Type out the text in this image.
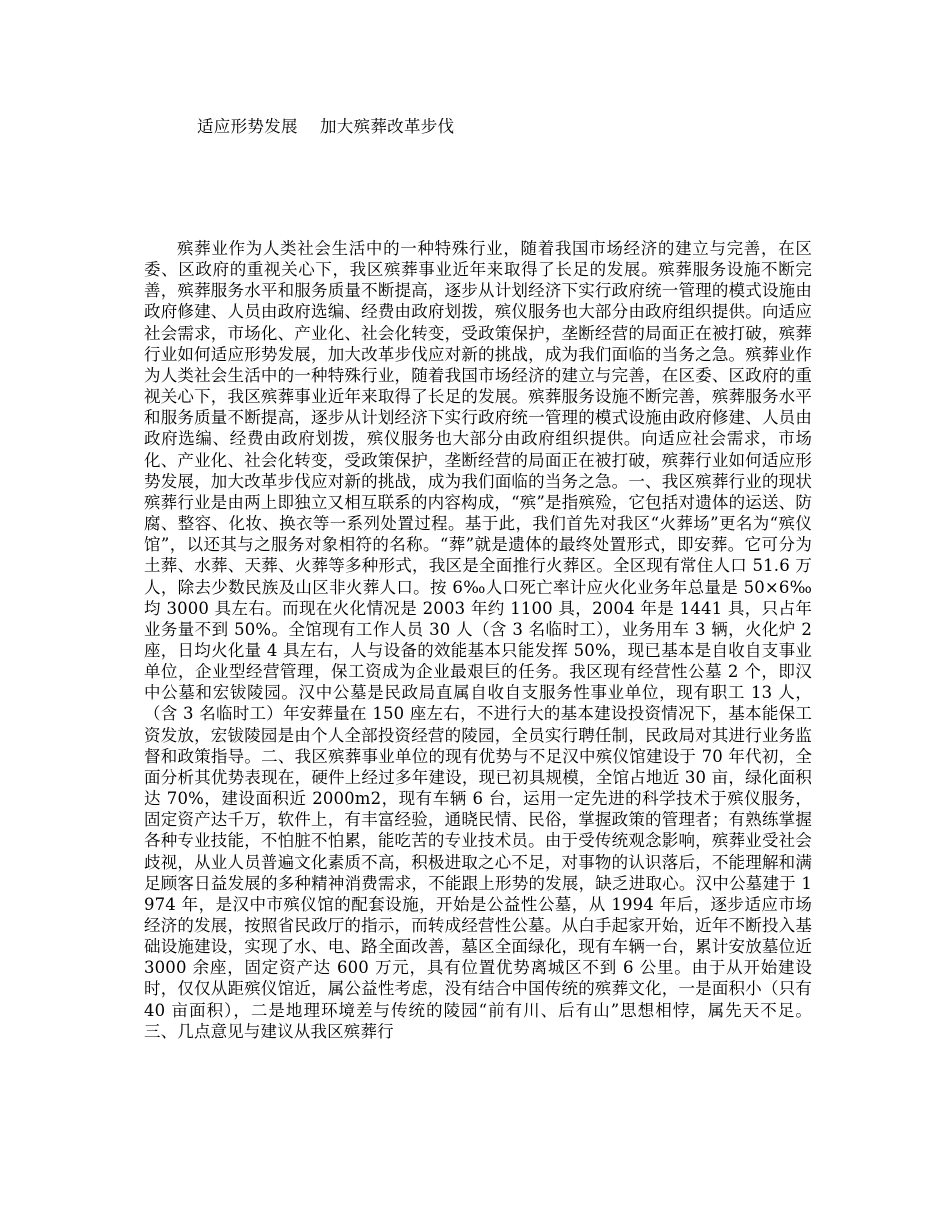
适应形势发展    加大殡葬改革步伐

殡葬业作为人类社会生活中的一种特殊行业，随着我国市场经济的建立与完善，在区委、区政府的重视关心下，我区殡葬事业近年来取得了长足的发展。殡葬服务设施不断完善，殡葬服务水平和服务质量不断提高，逐步从计划经济下实行政府统一管理的模式设施由政府修建、人员由政府选编、经费由政府划拨，殡仪服务也大部分由政府组织提供。向适应社会需求，市场化、产业化、社会化转变，受政策保护，垄断经营的局面正在被打破，殡葬行业如何适应形势发展，加大改革步伐应对新的挑战，成为我们面临的当务之急。殡葬业作为人类社会生活中的一种特殊行业，随着我国市场经济的建立与完善，在区委、区政府的重视关心下，我区殡葬事业近年来取得了长足的发展。殡葬服务设施不断完善，殡葬服务水平和服务质量不断提高，逐步从计划经济下实行政府统一管理的模式设施由政府修建、人员由政府选编、经费由政府划拨，殡仪服务也大部分由政府组织提供。向适应社会需求，市场化、产业化、社会化转变，受政策保护，垄断经营的局面正在被打破，殡葬行业如何适应形势发展，加大改革步伐应对新的挑战，成为我们面临的当务之急。一、我区殡葬行业的现状殡葬行业是由两上即独立又相互联系的内容构成，“殡”是指殡殓，它包括对遗体的运送、防腐、整容、化妆、换衣等一系列处置过程。基于此，我们首先对我区“火葬场”更名为“殡仪馆”，以还其与之服务对象相符的名称。“葬”就是遗体的最终处置形式，即安葬。它可分为土葬、水葬、天葬、火葬等多种形式，我区是全面推行火葬区。全区现有常住人口 51.6 万人，除去少数民族及山区非火葬人口。按 6‰人口死亡率计应火化业务年总量是 50×6‰均 3000 具左右。而现在火化情况是 2003 年约 1100 具，2004 年是 1441 具，只占年业务量不到 50%。全馆现有工作人员 30 人（含 3 名临时工），业务用车 3 辆，火化炉 2 座，日均火化量 4 具左右，人与设备的效能基本只能发挥 50%，现已基本是自收自支事业单位，企业型经营管理，保工资成为企业最艰巨的任务。我区现有经营性公墓 2 个，即汉中公墓和宏钹陵园。汉中公墓是民政局直属自收自支服务性事业单位，现有职工 13 人，（含 3 名临时工）年安葬量在 150 座左右，不进行大的基本建设投资情况下，基本能保工资发放，宏钹陵园是由个人全部投资经营的陵园，全员实行聘任制，民政局对其进行业务监督和政策指导。二、我区殡葬事业单位的现有优势与不足汉中殡仪馆建设于 70 年代初，全面分析其优势表现在，硬件上经过多年建设，现已初具规模，全馆占地近 30 亩，绿化面积达 70%，建设面积近 2000m2，现有车辆 6 台，运用一定先进的科学技术于殡仪服务，固定资产达千万，软件上，有丰富经验，通晓民情、民俗，掌握政策的管理者；有熟练掌握各种专业技能，不怕脏不怕累，能吃苦的专业技术员。由于受传统观念影响，殡葬业受社会歧视，从业人员普遍文化素质不高，积极进取之心不足，对事物的认识落后，不能理解和满足顾客日益发展的多种精神消费需求，不能跟上形势的发展，缺乏进取心。汉中公墓建于 1974 年，是汉中市殡仪馆的配套设施，开始是公益性公墓，从 1994 年后，逐步适应市场经济的发展，按照省民政厅的指示，而转成经营性公墓。从白手起家开始，近年不断投入基础设施建设，实现了水、电、路全面改善，墓区全面绿化，现有车辆一台，累计安放墓位近 3000 余座，固定资产达 600 万元，具有位置优势离城区不到 6 公里。由于从开始建设时，仅仅从距殡仪馆近，属公益性考虑，没有结合中国传统的殡葬文化，一是面积小（只有 40 亩面积），二是地理环境差与传统的陵园“前有川、后有山”思想相悖，属先天不足。三、几点意见与建议从我区殡葬行
